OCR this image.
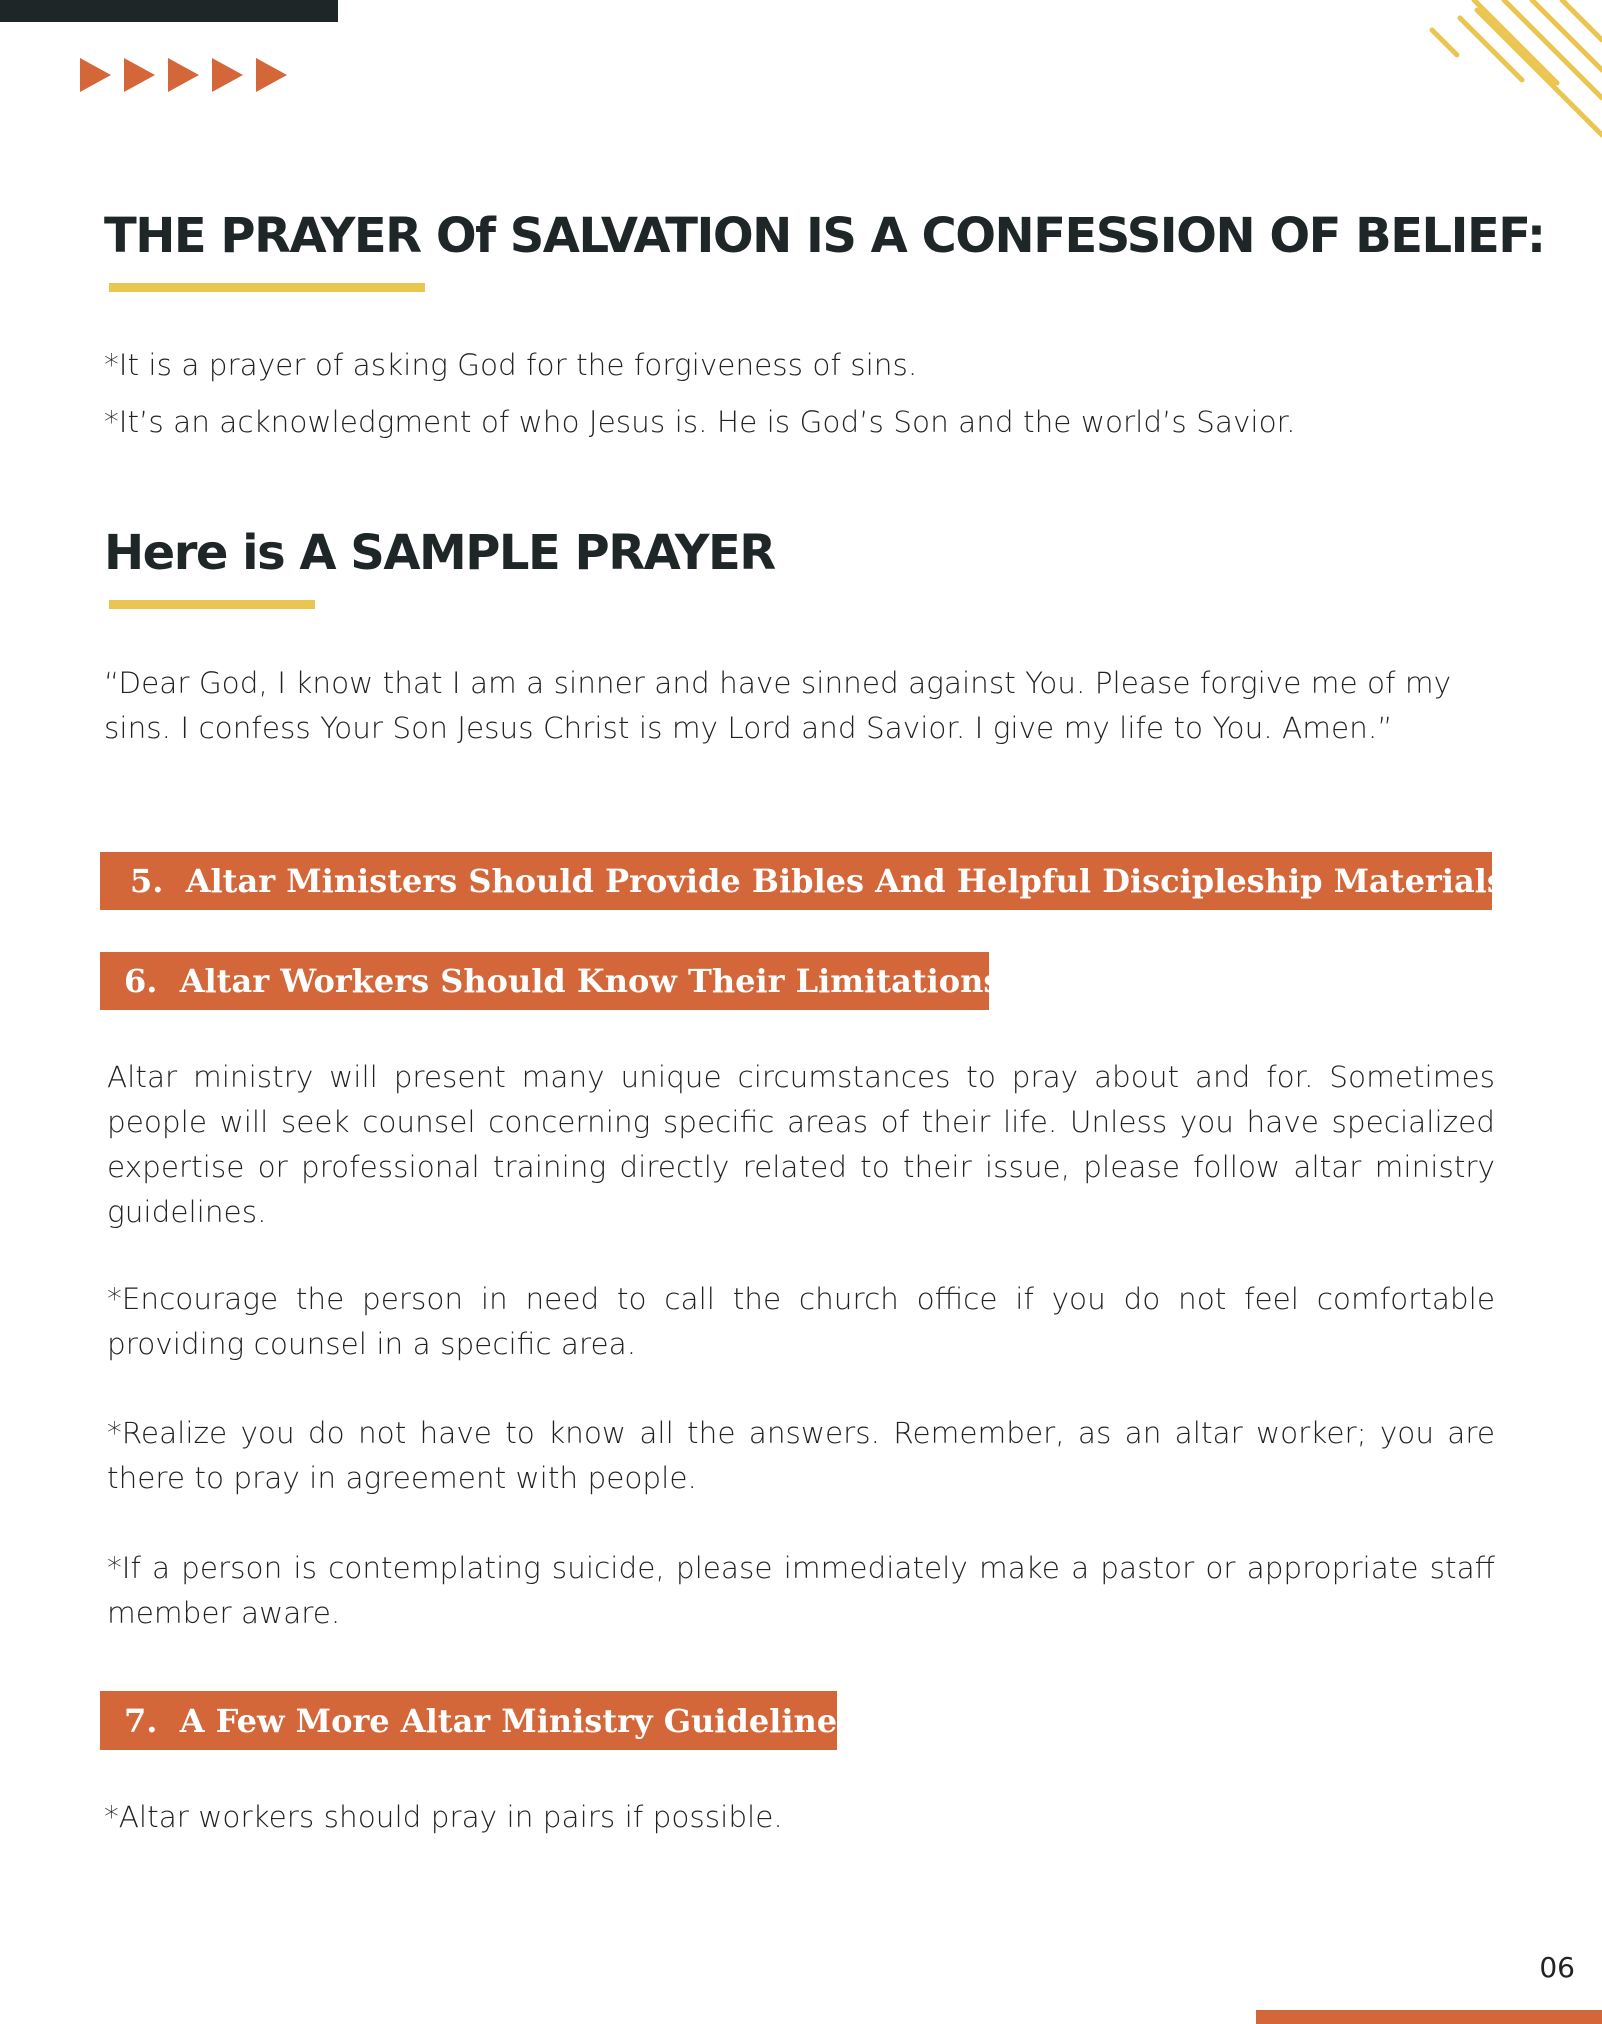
THE PRAYER Of SALVATION IS A CONFESSION OF BELIEF:

*It is a prayer of asking God for the forgiveness of sins.

*It’s an acknowledgment of who Jesus is. He is God’s Son and the world’s Savior.

Here is A SAMPLE PRAYER

“Dear God, I know that I am a sinner and have sinned against You. Please forgive me of my sins. I confess Your Son Jesus Christ is my Lord and Savior. I give my life to You. Amen.”

5.
Altar Ministers Should Provide Bibles And Helpful Discipleship Materials.
6.
Altar Workers Should Know Their Limitations.

Altar ministry will present many unique circumstances to pray about and for. Sometimes people will seek counsel concerning specific areas of their life. Unless you have specialized expertise or professional training directly related to their issue, please follow altar ministry guidelines.

*Encourage the person in need to call the church office if you do not feel comfortable providing counsel in a specific area.

*Realize you do not have to know all the answers. Remember, as an altar worker; you are there to pray in agreement with people.

*If a person is contemplating suicide, please immediately make a pastor or appropriate staff member aware.

7.
A Few More Altar Ministry Guidelines

*Altar workers should pray in pairs if possible.

06
